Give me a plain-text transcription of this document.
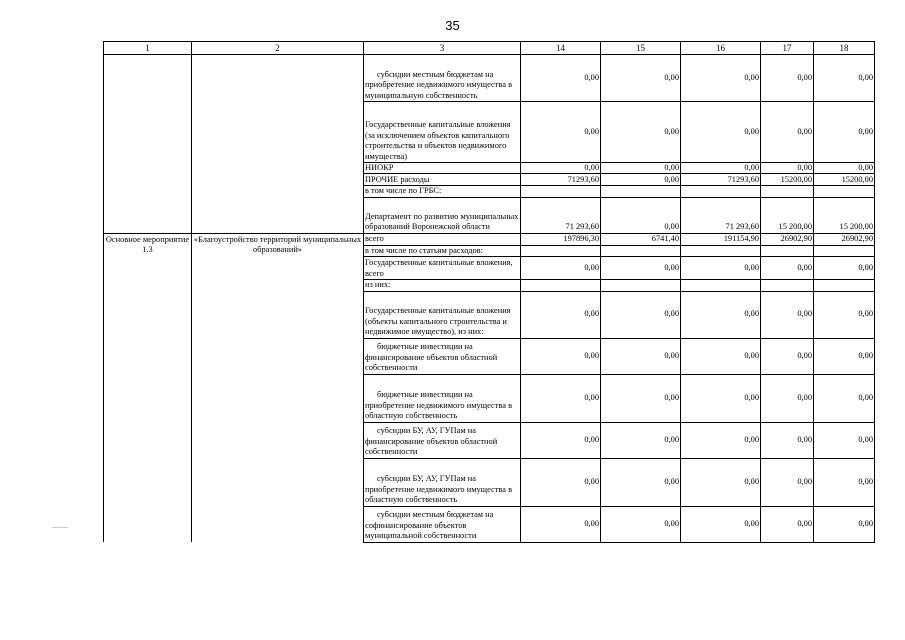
35
1	2	3	14	15	16	17	18
		субсидии местным бюджетам на приобретение недвижимого имущества в муниципальную собственность	0,00	0,00	0,00	0,00	0,00
		Государственные капитальные вложения (за исключением объектов капитального строительства и объектов недвижимого имущества)	0,00	0,00	0,00	0,00	0,00
		НИОКР	0,00	0,00	0,00	0,00	0,00
		ПРОЧИЕ расходы	71293,60	0,00	71293,60	15200,00	15200,00
		в том числе по ГРБС:					
		Департамент по развитию муниципальных образований Воронежской области	71 293,60	0,00	71 293,60	15 200,00	15 200,00
Основное мероприятие 1.3	«Благоустройство территорий муниципальных образований»	всего	197896,30	6741,40	191154,90	26902,90	26902,90
		в том числе по статьям расходов:					
		Государственные капитальные вложения, всего	0,00	0,00	0,00	0,00	0,00
		из них:					
		Государственные капитальные вложения (объекты капитального строительства и недвижимое имущество), из них:	0,00	0,00	0,00	0,00	0,00
		бюджетные инвестиции на финансирование объектов областной собственности	0,00	0,00	0,00	0,00	0,00
		бюджетные инвестиции на приобретение недвижимого имущества в областную собственность	0,00	0,00	0,00	0,00	0,00
		субсидии БУ, АУ, ГУПам на финансирование объектов областной собственности	0,00	0,00	0,00	0,00	0,00
		субсидии БУ, АУ, ГУПам на приобретение недвижимого имущества в областную собственность	0,00	0,00	0,00	0,00	0,00
		субсидии местным бюджетам на софинансирование объектов муниципальной собственности	0,00	0,00	0,00	0,00	0,00
